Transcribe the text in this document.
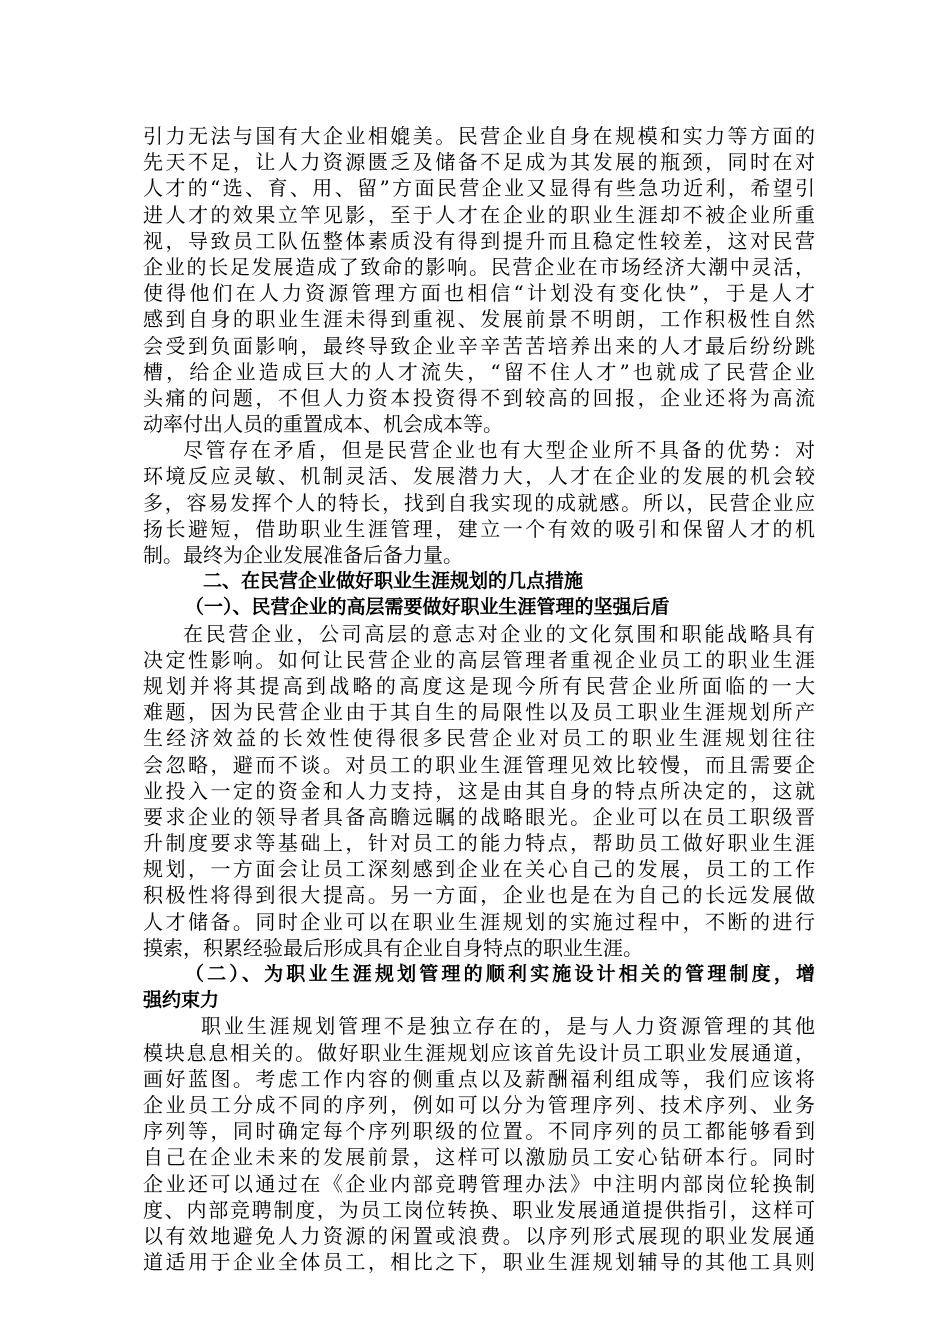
引力无法与国有大企业相媲美。民营企业自身在规模和实力等方面的
先天不足，让人力资源匮乏及储备不足成为其发展的瓶颈，同时在对
人才的“选、育、用、留”方面民营企业又显得有些急功近利，希望引
进人才的效果立竿见影，至于人才在企业的职业生涯却不被企业所重
视，导致员工队伍整体素质没有得到提升而且稳定性较差，这对民营
企业的长足发展造成了致命的影响。民营企业在市场经济大潮中灵活，
使得他们在人力资源管理方面也相信“计划没有变化快”，于是人才
感到自身的职业生涯未得到重视、发展前景不明朗，工作积极性自然
会受到负面影响，最终导致企业辛辛苦苦培养出来的人才最后纷纷跳
槽，给企业造成巨大的人才流失，“留不住人才”也就成了民营企业
头痛的问题，不但人力资本投资得不到较高的回报，企业还将为高流
动率付出人员的重置成本、机会成本等。
尽管存在矛盾，但是民营企业也有大型企业所不具备的优势：对
环境反应灵敏、机制灵活、发展潜力大，人才在企业的发展的机会较
多，容易发挥个人的特长，找到自我实现的成就感。所以，民营企业应
扬长避短，借助职业生涯管理，建立一个有效的吸引和保留人才的机
制。最终为企业发展准备后备力量。
二、在民营企业做好职业生涯规划的几点措施
（一）、民营企业的高层需要做好职业生涯管理的坚强后盾
在民营企业，公司高层的意志对企业的文化氛围和职能战略具有
决定性影响。如何让民营企业的高层管理者重视企业员工的职业生涯
规划并将其提高到战略的高度这是现今所有民营企业所面临的一大
难题，因为民营企业由于其自生的局限性以及员工职业生涯规划所产
生经济效益的长效性使得很多民营企业对员工的职业生涯规划往往
会忽略，避而不谈。对员工的职业生涯管理见效比较慢，而且需要企
业投入一定的资金和人力支持，这是由其自身的特点所决定的，这就
要求企业的领导者具备高瞻远瞩的战略眼光。企业可以在员工职级晋
升制度要求等基础上，针对员工的能力特点，帮助员工做好职业生涯
规划，一方面会让员工深刻感到企业在关心自己的发展，员工的工作
积极性将得到很大提高。另一方面，企业也是在为自己的长远发展做
人才储备。同时企业可以在职业生涯规划的实施过程中，不断的进行
摸索，积累经验最后形成具有企业自身特点的职业生涯。
（二）、为职业生涯规划管理的顺利实施设计相关的管理制度，增
强约束力
职业生涯规划管理不是独立存在的，是与人力资源管理的其他
模块息息相关的。做好职业生涯规划应该首先设计员工职业发展通道，
画好蓝图。考虑工作内容的侧重点以及薪酬福利组成等，我们应该将
企业员工分成不同的序列，例如可以分为管理序列、技术序列、业务
序列等，同时确定每个序列职级的位置。不同序列的员工都能够看到
自己在企业未来的发展前景，这样可以激励员工安心钻研本行。同时
企业还可以通过在《企业内部竞聘管理办法》中注明内部岗位轮换制
度、内部竞聘制度，为员工岗位转换、职业发展通道提供指引，这样可
以有效地避免人力资源的闲置或浪费。以序列形式展现的职业发展通
道适用于企业全体员工，相比之下，职业生涯规划辅导的其他工具则
